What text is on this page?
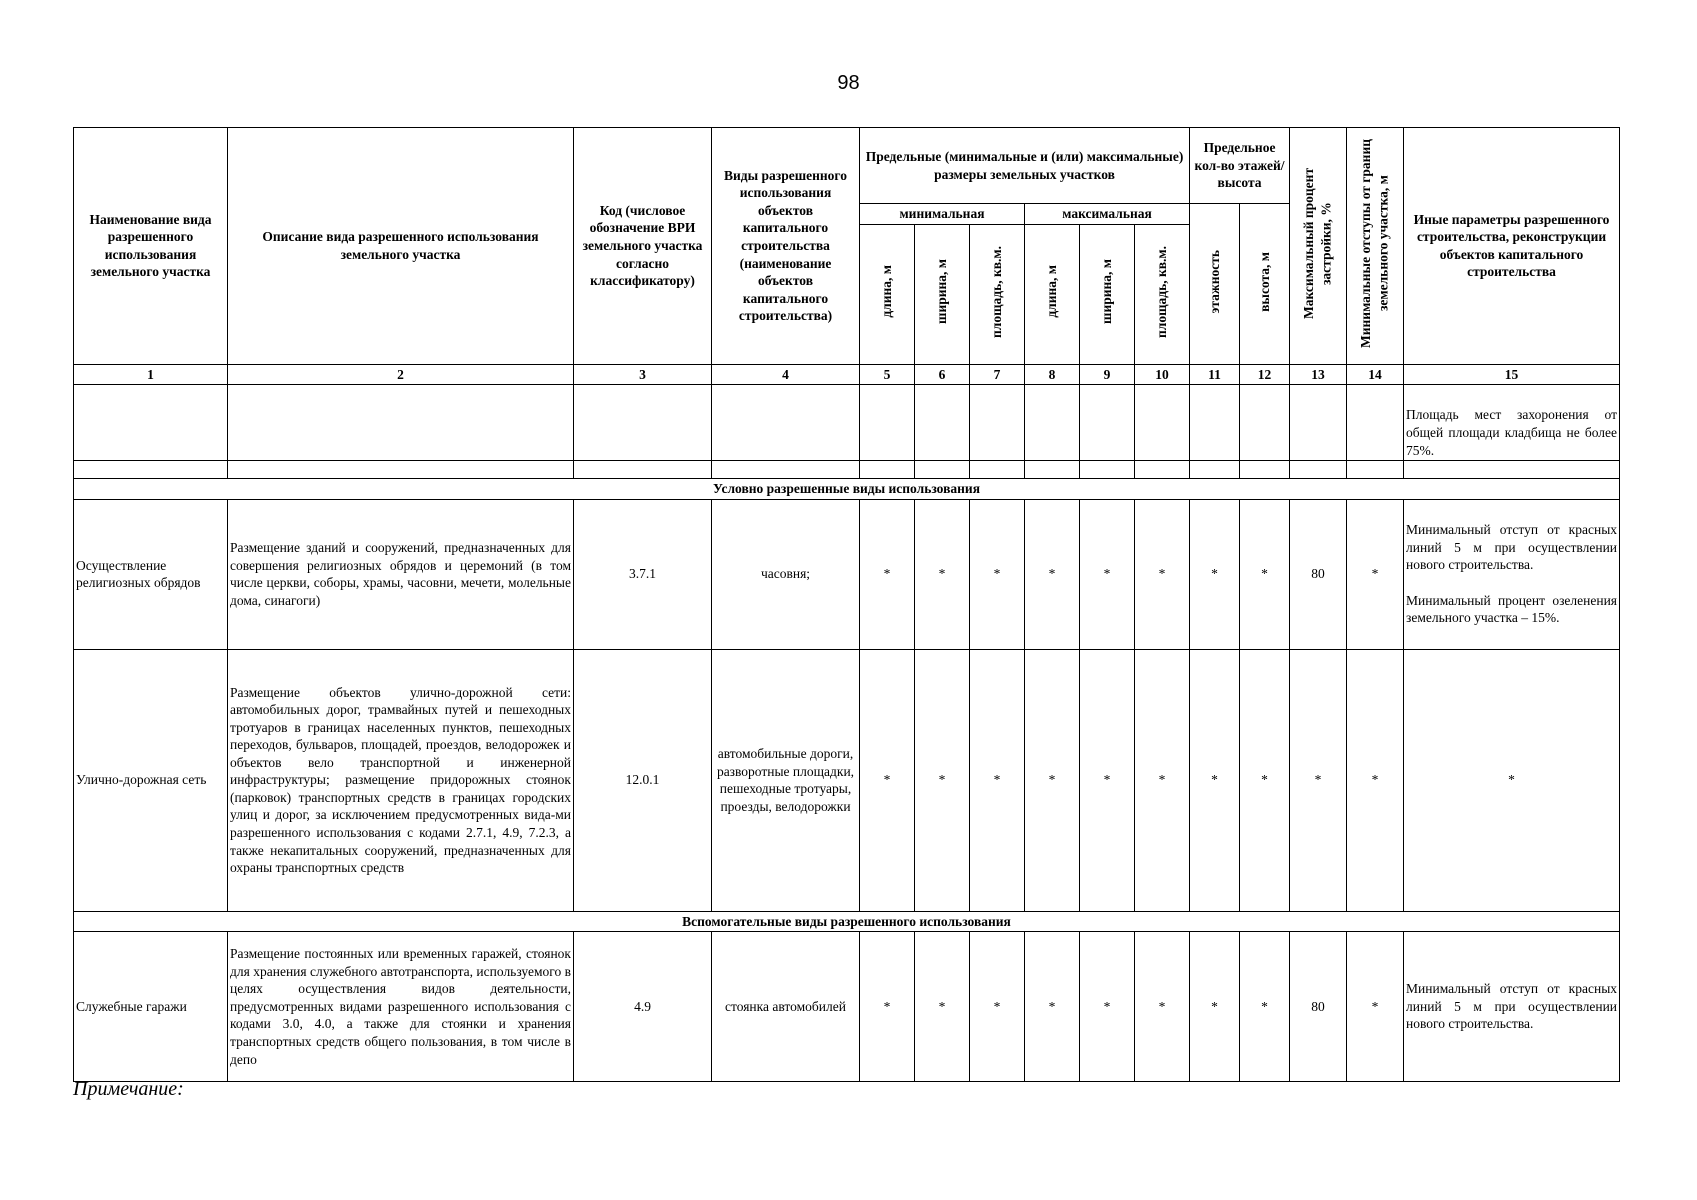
98
Наименование вида разрешенного использования земельного участка	Описание вида разрешенного использования земельного участка	Код (числовое обозначение ВРИ земельного участка согласно классификатору)	Виды разрешенного использования объектов капитального строительства (наименование объектов капитального строительства)	Предельные (минимальные и (или) максимальные) размеры земельных участков						Предельное кол-во этажей/ высота		Максимальный процент застройки, %	Минимальные отступы от границ земельного участка, м	Иные параметры разрешенного строительства, реконструкции объектов капитального строительства
				минимальная			максимальная			этажность	высота, м			
				длина, м	ширина, м	площадь, кв.м.	длина, м	ширина, м	площадь, кв.м.					
1	2	3	4	5	6	7	8	9	10	11	12	13	14	15
														Площадь мест захоронения от общей площади кладбища не более 75%.

Условно разрешенные виды использования														
Осуществление религиозных обрядов	Размещение зданий и сооружений, предназначенных для совершения религиозных обрядов и церемоний (в том числе церкви, соборы, храмы, часовни, мечети, молельные дома, синагоги)	3.7.1	часовня;	*	*	*	*	*	*	*	*	80	*	Минимальный отступ от красных линий 5 м при осуществлении нового строительства.

Минимальный процент озеленения земельного участка – 15%.

Улично-дорожная сеть	Размещение объектов улично-дорожной сети: автомобильных дорог, трамвайных путей и пешеходных тротуаров в границах населенных пунктов, пешеходных переходов, бульваров, площадей, проездов, велодорожек и объектов вело транспортной и инженерной инфраструктуры; размещение придорожных стоянок (парковок) транспортных средств в границах городских улиц и дорог, за исключением предусмотренных вида-ми разрешенного использования с кодами 2.7.1, 4.9, 7.2.3, а также некапитальных сооружений, предназначенных для охраны транспортных средств	12.0.1	автомобильные дороги, разворотные площадки, пешеходные тротуары, проезды, велодорожки	*	*	*	*	*	*	*	*	*	*	*
Вспомогательные виды разрешенного использования														
Служебные гаражи	Размещение постоянных или временных гаражей, стоянок для хранения служебного автотранспорта, используемого в целях осуществления видов деятельности, предусмотренных видами разрешенного использования с кодами 3.0, 4.0, а также для стоянки и хранения транспортных средств общего пользования, в том числе в депо	4.9	стоянка автомобилей	*	*	*	*	*	*	*	*	80	*	Минимальный отступ от красных линий 5 м при осуществлении нового строительства.

Примечание:
